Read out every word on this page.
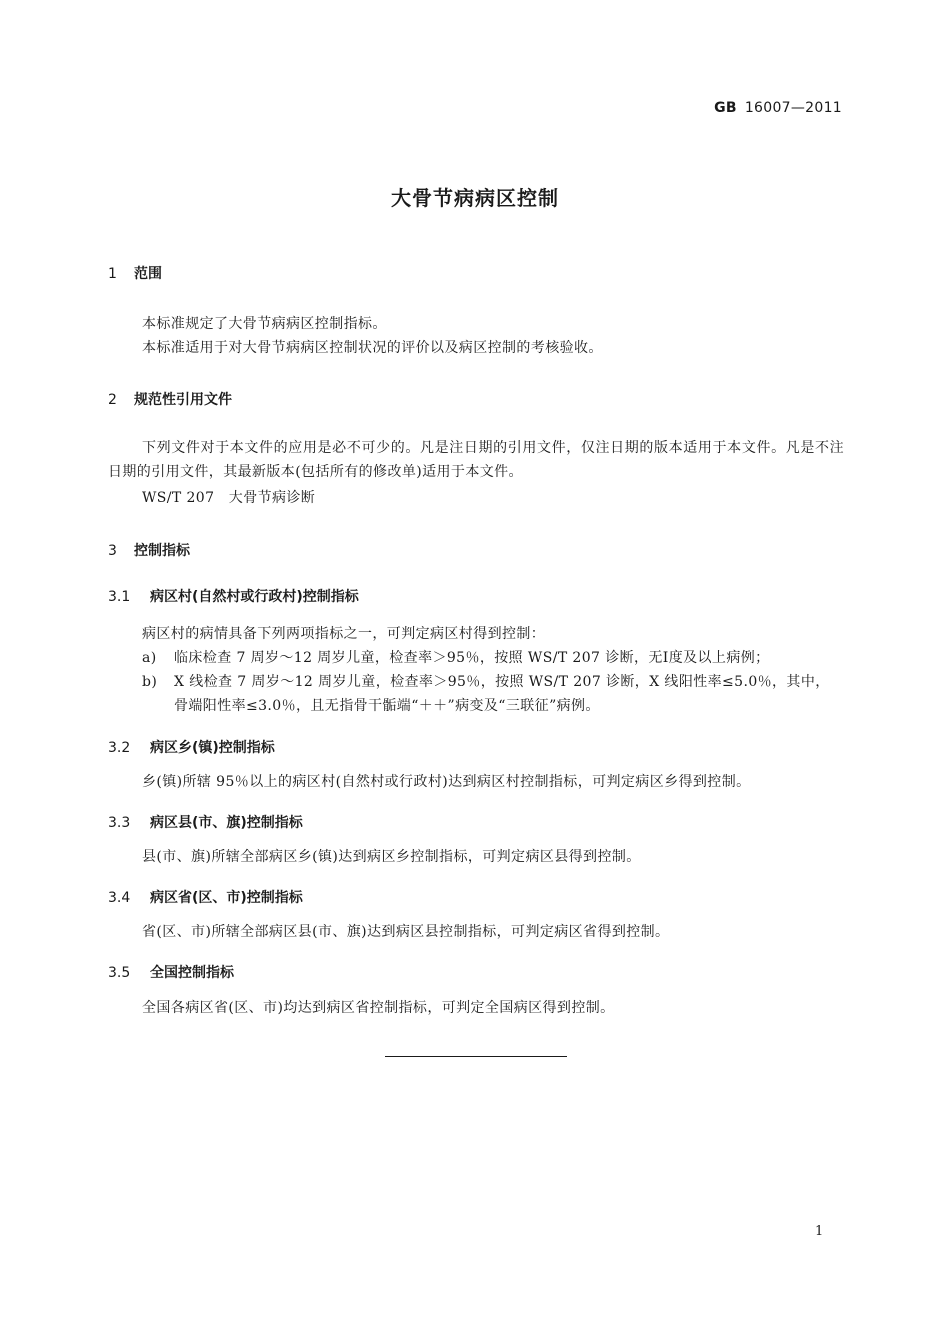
GB 16007—2011
大骨节病病区控制
1 范围
本标准规定了大骨节病病区控制指标。
本标准适用于对大骨节病病区控制状况的评价以及病区控制的考核验收。
2 规范性引用文件
下列文件对于本文件的应用是必不可少的。凡是注日期的引用文件，仅注日期的版本适用于本文件。凡是不注日期的引用文件，其最新版本(包括所有的修改单)适用于本文件。
WS/T 207　大骨节病诊断
3 控制指标
3.1 病区村(自然村或行政村)控制指标
病区村的病情具备下列两项指标之一，可判定病区村得到控制：
a)	临床检查 7 周岁～12 周岁儿童，检查率＞95％，按照 WS/T 207 诊断，无Ⅰ度及以上病例；
b)	X 线检查 7 周岁～12 周岁儿童，检查率＞95％，按照 WS/T 207 诊断，X 线阳性率≤5.0％，其中，骨端阳性率≤3.0％，且无指骨干骺端“＋＋”病变及“三联征”病例。
3.2 病区乡(镇)控制指标
乡(镇)所辖 95％以上的病区村(自然村或行政村)达到病区村控制指标，可判定病区乡得到控制。
3.3 病区县(市、旗)控制指标
县(市、旗)所辖全部病区乡(镇)达到病区乡控制指标，可判定病区县得到控制。
3.4 病区省(区、市)控制指标
省(区、市)所辖全部病区县(市、旗)达到病区县控制指标，可判定病区省得到控制。
3.5 全国控制指标
全国各病区省(区、市)均达到病区省控制指标，可判定全国病区得到控制。
1
